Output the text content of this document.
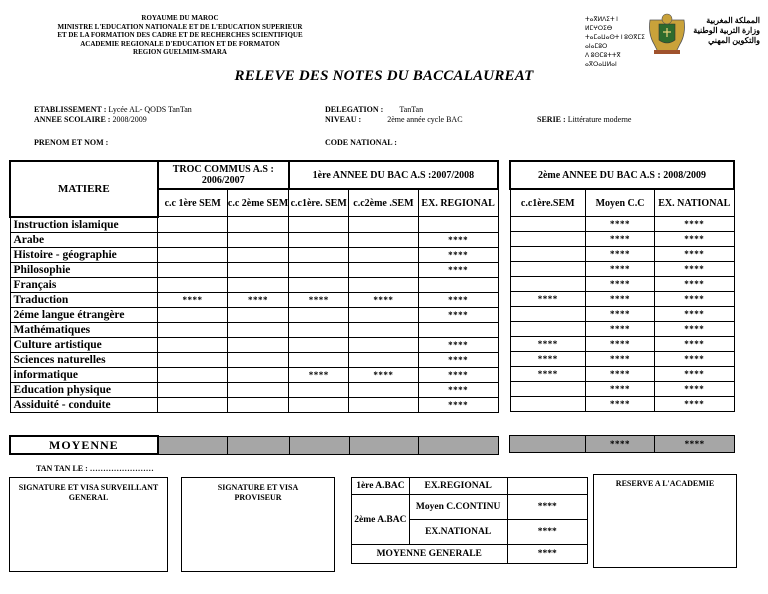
ROYAUME DU MAROC
MINISTRE L'EDUCATION NATIONALE ET DE L'EDUCATION SUPERIEUR
ET DE LA FORMATION DES CADRE ET DE RECHERCHES SCIENTIFIQUE
ACADEMIE REGIONALE D'EDUCATION ET DE FORMATON
REGION GUELMIM-SMARA
ⵜⴰⴳⵍⴷⵉⵜ ⵏ ⵍⵎⵖⵔⵉⴱ
ⵜⴰⵎⴰⵡⴰⵙⵜ ⵏ ⵓⵙⴳⵎⵉ ⴰⵏⴰⵎⵓⵔ
ⴷ ⵓⵙⵎⵓⵜⵜⴳ ⴰⴳⵔⴰⵡⵍⴰⵏ
المملكة المغربية
وزارة التربية الوطنية
والتكوين المهني
RELEVE DES NOTES DU BACCALAUREAT
ETABLISSEMENT : Lycée AL- QODS TanTan
ANNEE SCOLAIRE : 2008/2009
DELEGATION : TanTan
NIVEAU :	2ème année cycle BAC	SERIE : Littérature moderne
PRENOM ET NOM :	CODE NATIONAL :
MATIERE	TROC COMMUS A.S : 2006/2007		1ère ANNEE DU BAC A.S :2007/2008		
	c.c 1ère SEM	c.c 2ème SEM	c.c1ère. SEM	c.c2ème .SEM	EX. REGIONAL
Instruction islamique					
Arabe					****
Histoire - géographie					****
Philosophie					****
Français					
Traduction	****	****	****	****	****
2éme langue étrangère					****
Mathématiques					
Culture artistique					****
Sciences naturelles					****
informatique			****	****	****
Education physique					****
Assiduité - conduite					****
2ème ANNEE DU BAC A.S : 2008/2009		
c.c1ère.SEM	Moyen C.C	EX. NATIONAL
	****	****
	****	****
	****	****
	****	****
	****	****
****	****	****
	****	****
	****	****
****	****	****
****	****	****
****	****	****
	****	****
	****	****
MOYENNE					
		****	****
TAN TAN LE : ……………………
SIGNATURE ET VISA SURVEILLANT GENERAL
SIGNATURE ET VISA PROVISEUR
1ère A.BAC	EX.REGIONAL	
2ème A.BAC	Moyen C.CONTINU	****
	EX.NATIONAL	****
MOYENNE GENERALE		****
RESERVE A L'ACADEMIE
